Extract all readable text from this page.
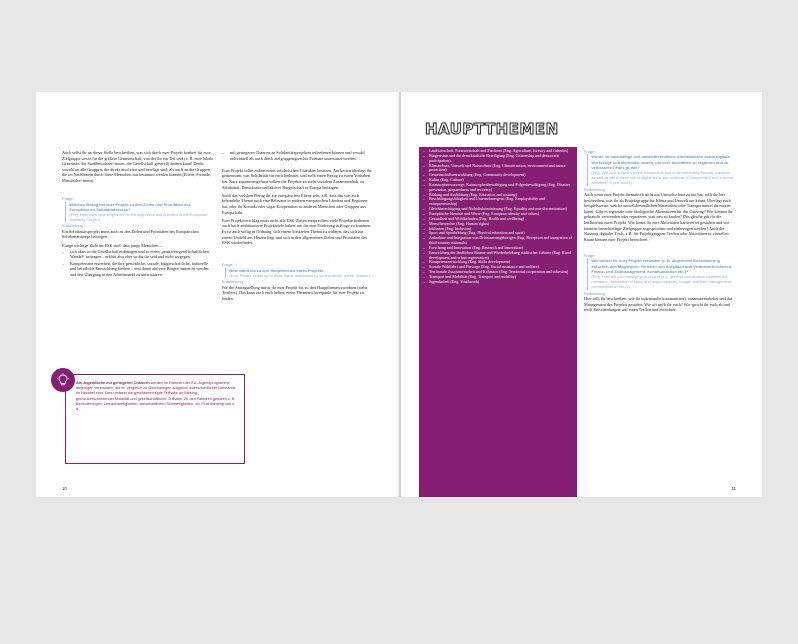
Auch sollst ihr an dieser Stelle beschreiben, was sich durch euer Projekt konkret für eure Zielgruppe sowie für die größere Gemeinschaft, von der ihr ein Teil seid (z. B. eure lokale Gemeinde, die Stadtbewohner/-innen, die Gesellschaft generell) ändern kann! Denkt sowohl an alle Gruppen, die direkt involviert und beteiligt sind, als auch an die Gruppen, die im Nachhinein durch diese Menschen mit bestimmt werden können (Eltern, Freunde, Mitschüler/-innen).

Frage:
Welchen Bezug hat euer Projekt zu den Zielen und Prioritäten des Europäischen Solidaritätskorps?
(Eng. How does your project link to the objectives and priorities of the European Solidarity Corps?)
Erläuterung:

Ein Solidaritätsprojekt muss auch zu den Zielen und Prioritäten des Europäischen Solidaritätskorps beitragen.

Einige wichtige Ziele im ESK sind, dass junge Menschen ...

– sich aktiv in die Gesellschaft einbringen und so einen „positiven gesellschaftlichen Wandel“ beitragen – erklärt also eher wofür ihr seid und nicht wogegen.
– Kompetenzen erwerben, die ihre persönliche, soziale, bürgerschaftliche, kulturelle und berufliche Entwicklung fördern – und damit aktivere Bürger/-innen zu werden und den Übergang in den Arbeitsmarkt zu unterstützen.
Als Jugendliche mit geringeren Chancen werden im Rahmen der EU-Jugendprogramme diejenigen verstanden, die im Vergleich zu Gleichaltrigen aufgrund unterschiedlicher Umstände im Nachteil sind. Dies umfasst die gleichberechtigte Teilhabe an Bildung, grenzüberschreitender Mobilität und gesellschaftlicher Teilhabe. Zu den Faktoren gehören z. B. Behinderungen, Lernschwierigkeiten, wirtschaftlichen Schwierigkeiten, ein Fluchthintergrund o. ä.
– mit geringeren Chancen an Solidaritätsprojekten teilnehmen können und sowohl individuell als auch durch zielgruppengerechte Formate unterstützt werden.

Euer Projekt sollte zudem einen solidarischen Charakter besitzen. Am besten überlegt ihr gemeinsam, was Solidarität für euch bedeutet, und stellt einen Bezug zu euren Vorhaben her. Kurz zusammengefasst sollten die Projekte zu mehr sozialem Zusammenhalt, zu Solidarität, Demokratie und aktiver Bürgerschaft in Europa beitragen.

Stellt dar, welchen Bezug ihr zur europäischen Ebene seht, z.B. dass das von euch behandelte Thema auch eine Relevanz in anderen europäischen Ländern und Regionen hat, oder ihr Kontakt oder sogar Kooperation zu anderen Menschen oder Gruppen aus Europa habt.

Euer Projektvorschlag muss nicht alle ESK-Zielen entsprechen, viele Projekte bedienen auch hoch-ambitionierte Projektziele haben, um für eine Förderung in Frage zu kommen. Es ist auch völlig in Ordnung, sich einem konkreten Thema zu widmen, das sich aus eurem Umfeld ans Herzen liegt und sich in den allgemeinen Zielen und Prioritäten des ESK wiederfindet.

Frage:
Bitte wählt bis zu drei Hauptthemen eures Projekts.
(Eng. Please select up to three topics addressed by your project)* (siehe Textbox)
Erläuterung:

Für die Antragstellung müsst ihr euer Projekt bis zu drei Hauptthemen zuordnen (siehe Textbox). Das kann auch euch helfen, einen Themenschwerpunkt für euer Projekt zu finden.

10
HAUPTTHEMEN
– Landwirtschaft, Forstwirtschaft und Fischerei (Eng. Agriculture, forestry and fisheries)
– Bürgerrsinn und die demokratische Beteiligung (Eng. Citizenship and democratic participation)
– Klimaschutz, Umwelt und Naturschutz (Eng. Climate action, environment and nature protection)
– Gemeinschaftsentwicklung (Eng. Community development)
– Kultur (Eng. Culture)
– Katastrophenvorsorge, Katastrophenbewältigung und Folgenbewältigung (Eng. Disaster prevention, preparedness and recovery)
– Bildung und Ausbildung (Eng. Education and training)
– Beschäftigungsfähigkeit und Unternehmergeist (Eng. Employability and entrepreneurship)
– Gleichberechtigung und Nichtdiskriminierung (Eng. Equality and non-discrimination)
– Europäische Identität und Werte (Eng. European identity and values)
– Gesundheit und Wohlbefinden (Eng. Health and wellbeing)
– Menschenrechte (Eng. Human rights)
– Inklusion (Eng. Inclusion)
– Sport und Sportbildung (Eng. Physical education and sport)
– Aufnahme und Integration von Drittstaatsangehörigen (Eng. Reception and integration of third-country nationals)
– Forschung und Innovation (Eng. Research and innovation)
– Entwicklung der ländlichen Räume und Wiederbelebung städtischer Gebiete (Eng. Rural development and urban regeneration)
– Kompetenzentwicklung (Eng. Skills development)
– Soziale Wohlfahrt und Fürsorge (Eng. Social assistance and welfare)
– Territoriale Zusammenarbeit und Kohäsion (Eng. Territorial cooperation and cohesion)
– Transport und Mobilität (Eng. Transport and mobility)
– Jugendarbeit (Eng. Youthwork)
Frage:
Wurde ihr nachhaltige und umweltfreundliche Arbeitsweisen sowie digitale Werkzeuge und Methoden nutzen, um eure Aktivitäten zu ergänzen und zu verbessern? Falls ja, wie?
(Eng. Will your project include sustainable and environmentally-friendly practices, as well as will it make use of digital tools and methods to complement and improve activities? If yes, how?)
Erläuterung:

Auch wenn euer Projekt thematisch nicht mit Umweltschutz zu tun hat, sollt ihr hier beschreiben, was ihr als Projektgruppe für Klima und Umwelt tun könnt. Überlegt euch beispielsweise, welche umweltfreundlichen Materialien oder Transportmittel ihr nutzen könnt. Gibt es regionale oder ökologische Alternativen für das Catering? Wie könntet ihr gebraucht verwenden oder reparieren, statt neu zu kaufen? Das gleiche gilt für die Inklusivität eures Projekt. Wie könnt ihr eure Aktivitäten barrierefrei gestalten und wie könnten benachteiligte Zielgruppe angesprochen und einbezogen werden? Auch die Nutzung digitaler Tools, z.B. für Projektgruppen-Treffen oder Aktivitäten in virtuellen Raum können euer Projekt bereichern.

Frage:
Wie werdet ihr euer Projekt verwalten (z. B. allgemeine Koordinierung zwischen den Mitgliedern, Verteilen von Aufgaben und Verantwortlichkeiten, Finanz- und Zeitmanagement, Kommunikation etc.)?
(Eng. How will you manage your project (e.g. general coordination between the members, distribution of tasks and responsibilities, budget and time management, communication etc.)?)
Erläuterung:

Hier sollt ihr beschreiben, wie ihr miteinander kommuniziert, zusammenarbeitet und das Management des Projekts gestaltet. Wie oft trefft ihr euch? Wie spricht ihr euch ab und trefft Entscheidungen: auf einen Treffen und zwischen-

11
